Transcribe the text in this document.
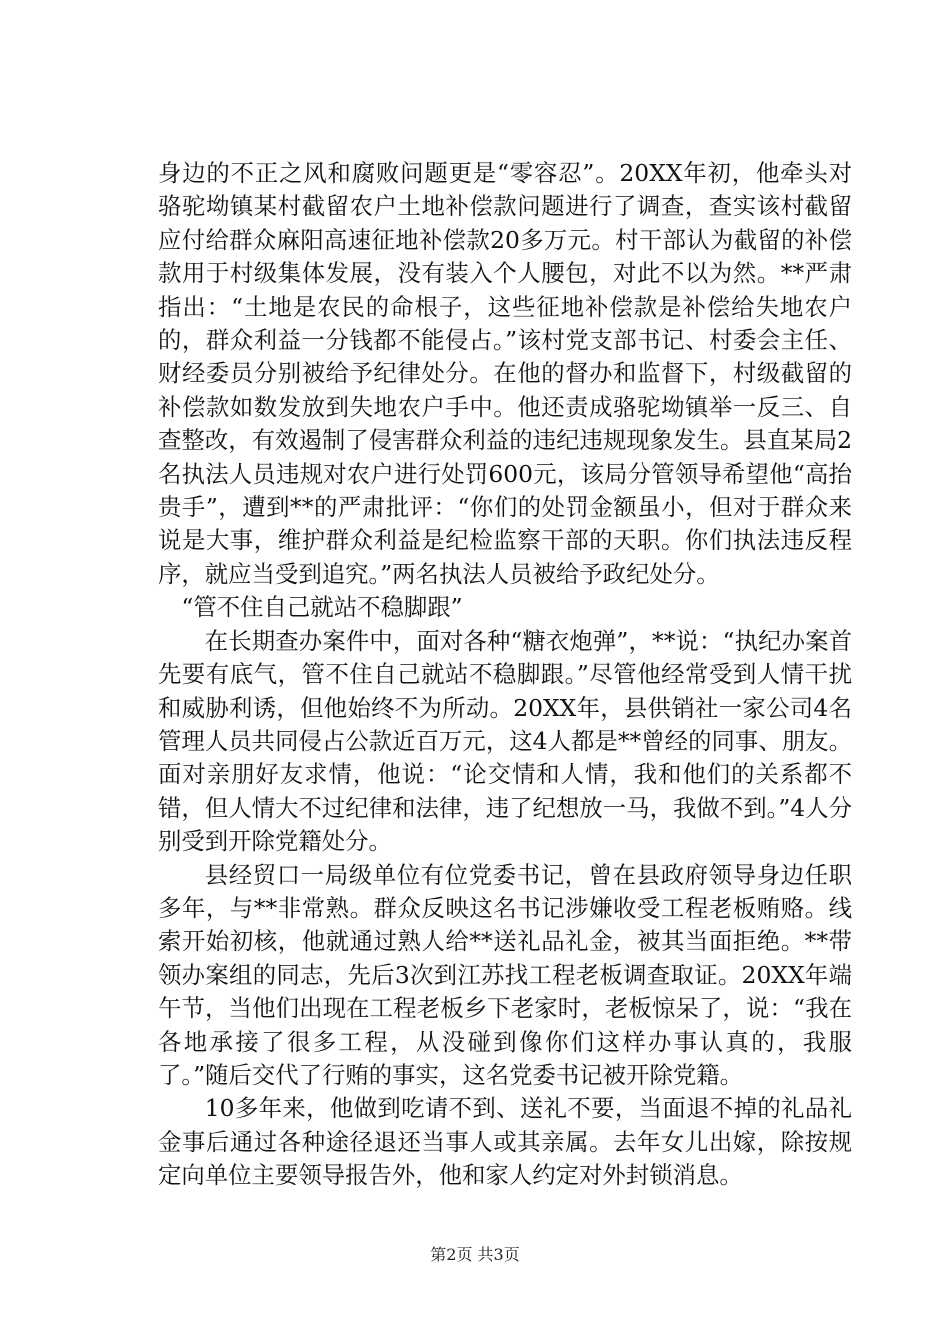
身边的不正之风和腐败问题更是“零容忍”。20XX年初，他牵头对骆驼坳镇某村截留农户土地补偿款问题进行了调查，查实该村截留应付给群众麻阳高速征地补偿款20多万元。村干部认为截留的补偿款用于村级集体发展，没有装入个人腰包，对此不以为然。**严肃指出：“土地是农民的命根子，这些征地补偿款是补偿给失地农户的，群众利益一分钱都不能侵占。”该村党支部书记、村委会主任、财经委员分别被给予纪律处分。在他的督办和监督下，村级截留的补偿款如数发放到失地农户手中。他还责成骆驼坳镇举一反三、自查整改，有效遏制了侵害群众利益的违纪违规现象发生。县直某局2名执法人员违规对农户进行处罚600元，该局分管领导希望他“高抬贵手”，遭到**的严肃批评：“你们的处罚金额虽小，但对于群众来说是大事，维护群众利益是纪检监察干部的天职。你们执法违反程序，就应当受到追究。”两名执法人员被给予政纪处分。

“管不住自己就站不稳脚跟”

在长期查办案件中，面对各种“糖衣炮弹”，**说：“执纪办案首先要有底气，管不住自己就站不稳脚跟。”尽管他经常受到人情干扰和威胁利诱，但他始终不为所动。20XX年，县供销社一家公司4名管理人员共同侵占公款近百万元，这4人都是**曾经的同事、朋友。面对亲朋好友求情，他说：“论交情和人情，我和他们的关系都不错，但人情大不过纪律和法律，违了纪想放一马，我做不到。”4人分别受到开除党籍处分。

县经贸口一局级单位有位党委书记，曾在县政府领导身边任职多年，与**非常熟。群众反映这名书记涉嫌收受工程老板贿赂。线索开始初核，他就通过熟人给**送礼品礼金，被其当面拒绝。**带领办案组的同志，先后3次到江苏找工程老板调查取证。20XX年端午节，当他们出现在工程老板乡下老家时，老板惊呆了，说：“我在各地承接了很多工程，从没碰到像你们这样办事认真的，我服了。”随后交代了行贿的事实，这名党委书记被开除党籍。

10多年来，他做到吃请不到、送礼不要，当面退不掉的礼品礼金事后通过各种途径退还当事人或其亲属。去年女儿出嫁，除按规定向单位主要领导报告外，他和家人约定对外封锁消息。

第2页 共3页
